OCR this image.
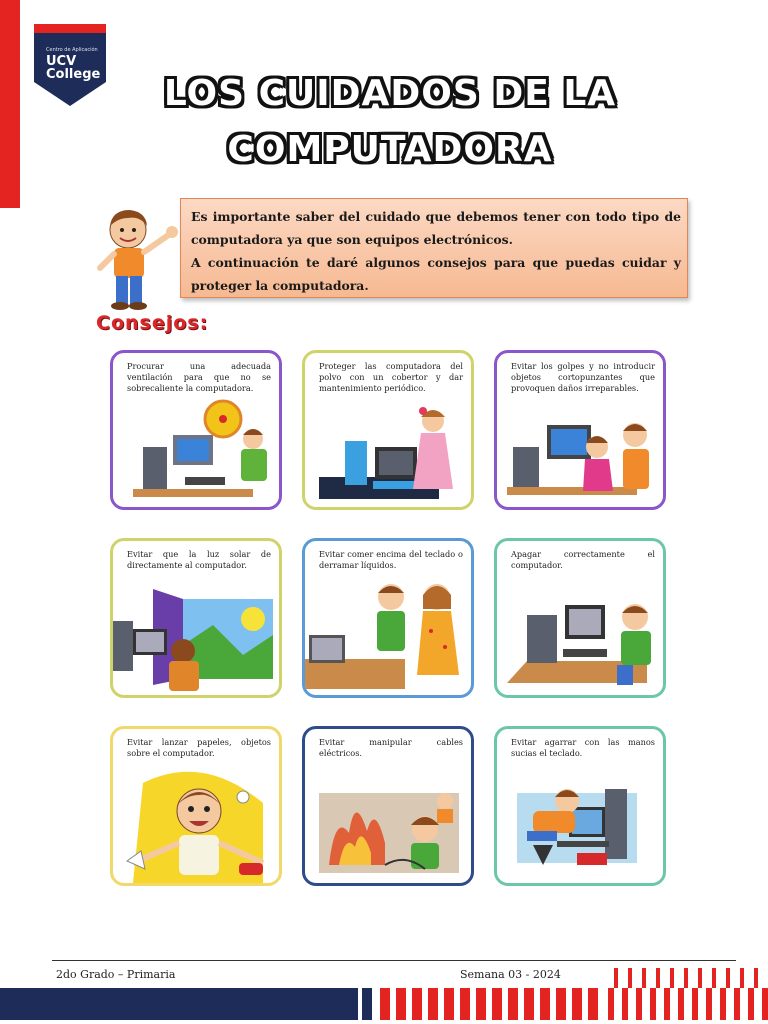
Centro de Aplicación
UCV
College	LOS CUIDADOS DE LA
COMPUTADORA

Es importante saber del cuidado que debemos tener con todo tipo de computadora ya que son equipos electrónicos.

A continuación te daré algunos consejos para que puedas cuidar y proteger la computadora.

Consejos:
Procurar una adecuada ventilación para que no se sobrecaliente la computadora.
Proteger las computadora del polvo con un cobertor y dar mantenimiento periódico.
Evitar los golpes y no introducir objetos cortopunzantes que provoquen daños irreparables.
Evitar que la luz solar de directamente al computador.
Evitar comer encima del teclado o derramar líquidos.
Apagar correctamente el computador.
Evitar lanzar papeles, objetos sobre el computador.
Evitar manipular cables eléctricos.
Evitar agarrar con las manos sucias el teclado.
2do Grado – Primaria	Semana 03 - 2024
